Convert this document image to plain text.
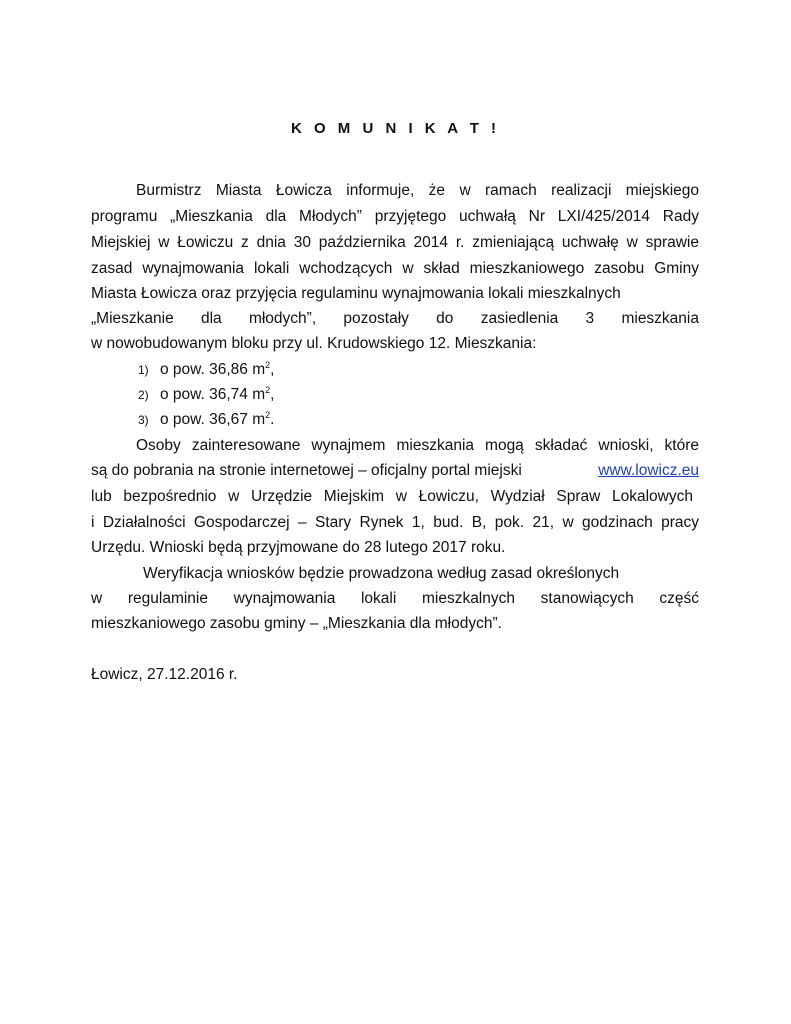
K O M U N I K A T !
Burmistrz Miasta Łowicza informuje, że w ramach realizacji miejskiego
programu „Mieszkania dla Młodych” przyjętego uchwałą Nr LXI/425/2014 Rady
Miejskiej w Łowiczu z dnia 30 października 2014 r. zmieniającą uchwałę w sprawie
zasad wynajmowania lokali wchodzących w skład mieszkaniowego zasobu Gminy
Miasta Łowicza oraz przyjęcia regulaminu wynajmowania lokali mieszkalnych
„Mieszkanie dla młodych”, pozostały do zasiedlenia 3 mieszkania
w nowobudowanym bloku przy ul. Krudowskiego 12. Mieszkania:
1) o pow. 36,86 $m^2$,
2) o pow. 36,74 $m^2$,
3) o pow. 36,67 $m^2$.
Osoby zainteresowane wynajmem mieszkania mogą składać wnioski, które
są do pobrania na stronie internetowej – oficjalny portal miejski	www.lowicz.eu
lub bezpośrednio w Urzędzie Miejskim w Łowiczu, Wydział Spraw Lokalowych
i Działalności Gospodarczej – Stary Rynek 1, bud. B, pok. 21, w godzinach pracy
Urzędu. Wnioski będą przyjmowane do 28 lutego 2017 roku.
Weryfikacja wniosków będzie prowadzona według zasad określonych
w regulaminie wynajmowania lokali mieszkalnych stanowiących część
mieszkaniowego zasobu gminy – „Mieszkania dla młodych”.
Łowicz, 27.12.2016 r.
